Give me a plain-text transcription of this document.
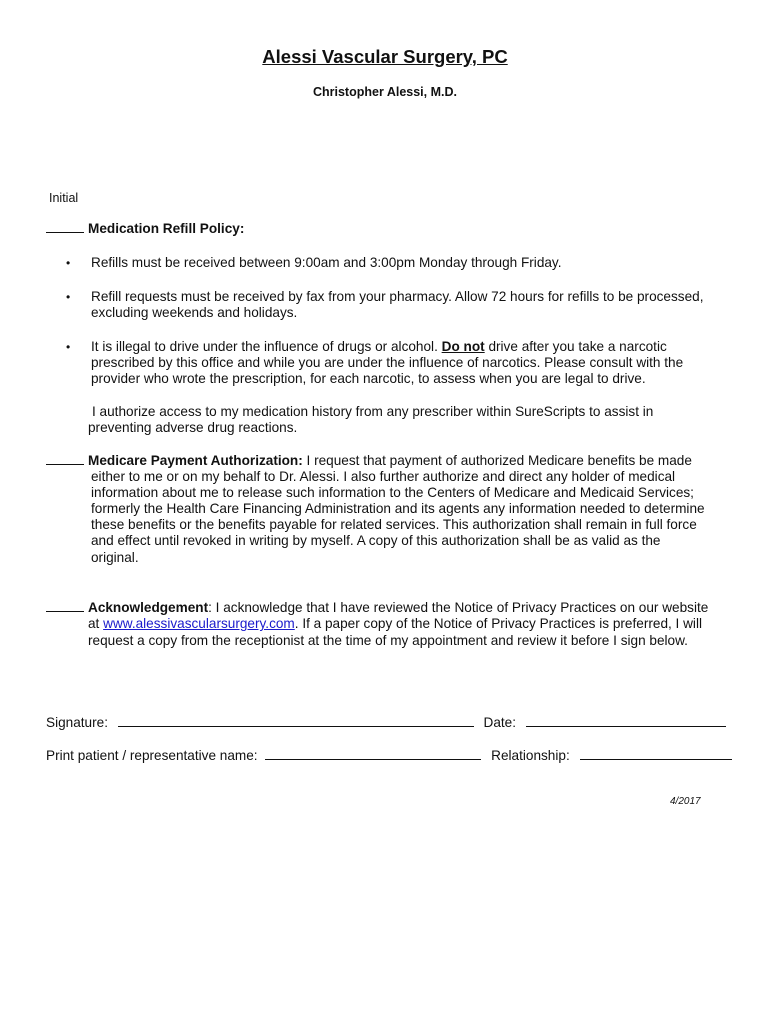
Alessi Vascular Surgery, PC
Christopher Alessi, M.D.
Initial
Medication Refill Policy:
• Refills must be received between 9:00am and 3:00pm Monday through Friday.
• Refill requests must be received by fax from your pharmacy. Allow 72 hours for refills to be processed,
excluding weekends and holidays.
• It is illegal to drive under the influence of drugs or alcohol. Do not drive after you take a narcotic
prescribed by this office and while you are under the influence of narcotics. Please consult with the
provider who wrote the prescription, for each narcotic, to assess when you are legal to drive.
I authorize access to my medication history from any prescriber within SureScripts to assist in
preventing adverse drug reactions.
Medicare Payment Authorization: I request that payment of authorized Medicare benefits be made
either to me or on my behalf to Dr. Alessi. I also further authorize and direct any holder of medical
information about me to release such information to the Centers of Medicare and Medicaid Services;
formerly the Health Care Financing Administration and its agents any information needed to determine
these benefits or the benefits payable for related services. This authorization shall remain in full force
and effect until revoked in writing by myself. A copy of this authorization shall be as valid as the
original.
Acknowledgement: I acknowledge that I have reviewed the Notice of Privacy Practices on our website
at www.alessivascularsurgery.com. If a paper copy of the Notice of Privacy Practices is preferred, I will
request a copy from the receptionist at the time of my appointment and review it before I sign below.
Signature:	Date:
Print patient / representative name:	Relationship:
4/2017
